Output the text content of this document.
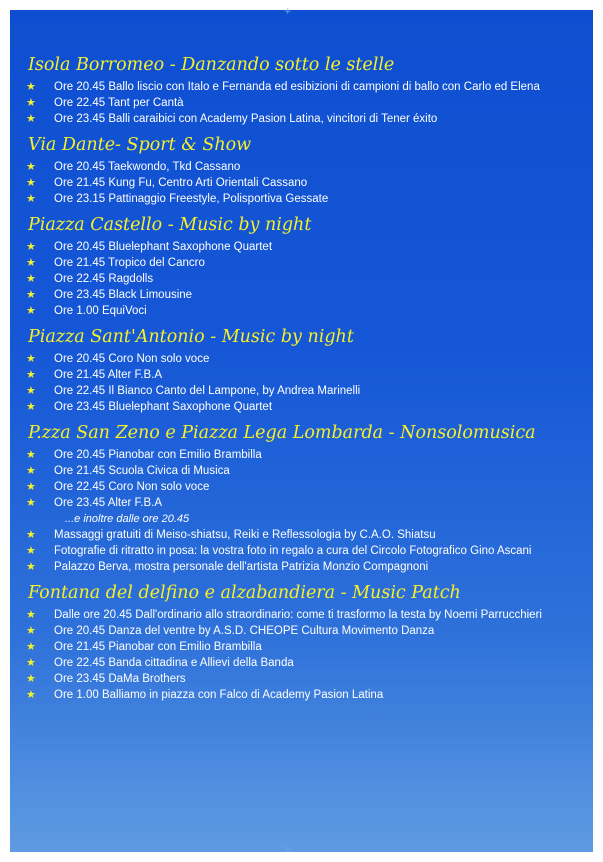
+
+
Isola Borromeo - Danzando sotto le stelle
★ Ore 20.45 Ballo liscio con Italo e Fernanda ed esibizioni di campioni di ballo con Carlo ed Elena
★ Ore 22.45 Tant per Cantà
★ Ore 23.45 Balli caraibici con Academy Pasion Latina, vincitori di Tener éxito
Via Dante- Sport & Show
★ Ore 20.45 Taekwondo, Tkd Cassano
★ Ore 21.45 Kung Fu, Centro Arti Orientali Cassano
★ Ore 23.15 Pattinaggio Freestyle, Polisportiva Gessate
Piazza Castello - Music by night
★ Ore 20.45 Bluelephant Saxophone Quartet
★ Ore 21.45 Tropico del Cancro
★ Ore 22.45 Ragdolls
★ Ore 23.45 Black Limousine
★ Ore 1.00 EquiVoci
Piazza Sant'Antonio - Music by night
★ Ore 20.45 Coro Non solo voce
★ Ore 21.45 Alter F.B.A
★ Ore 22.45 Il Bianco Canto del Lampone, by Andrea Marinelli
★ Ore 23.45 Bluelephant Saxophone Quartet
P.zza San Zeno e Piazza Lega Lombarda - Nonsolomusica
★ Ore 20.45 Pianobar con Emilio Brambilla
★ Ore 21.45 Scuola Civica di Musica
★ Ore 22.45 Coro Non solo voce
★ Ore 23.45 Alter F.B.A
...e inoltre dalle ore 20.45
★ Massaggi gratuiti di Meiso-shiatsu, Reiki e Reflessologia by C.A.O. Shiatsu
★ Fotografie di ritratto in posa: la vostra foto in regalo a cura del Circolo Fotografico Gino Ascani
★ Palazzo Berva, mostra personale dell'artista Patrizia Monzio Compagnoni
Fontana del delfino e alzabandiera - Music Patch
★ Dalle ore 20.45 Dall'ordinario allo straordinario: come ti trasformo la testa by Noemi Parrucchieri
★ Ore 20.45 Danza del ventre by A.S.D. CHEOPE Cultura Movimento Danza
★ Ore 21.45 Pianobar con Emilio Brambilla
★ Ore 22.45 Banda cittadina e Allievi della Banda
★ Ore 23.45 DaMa Brothers
★ Ore 1.00 Balliamo in piazza con Falco di Academy Pasion Latina
